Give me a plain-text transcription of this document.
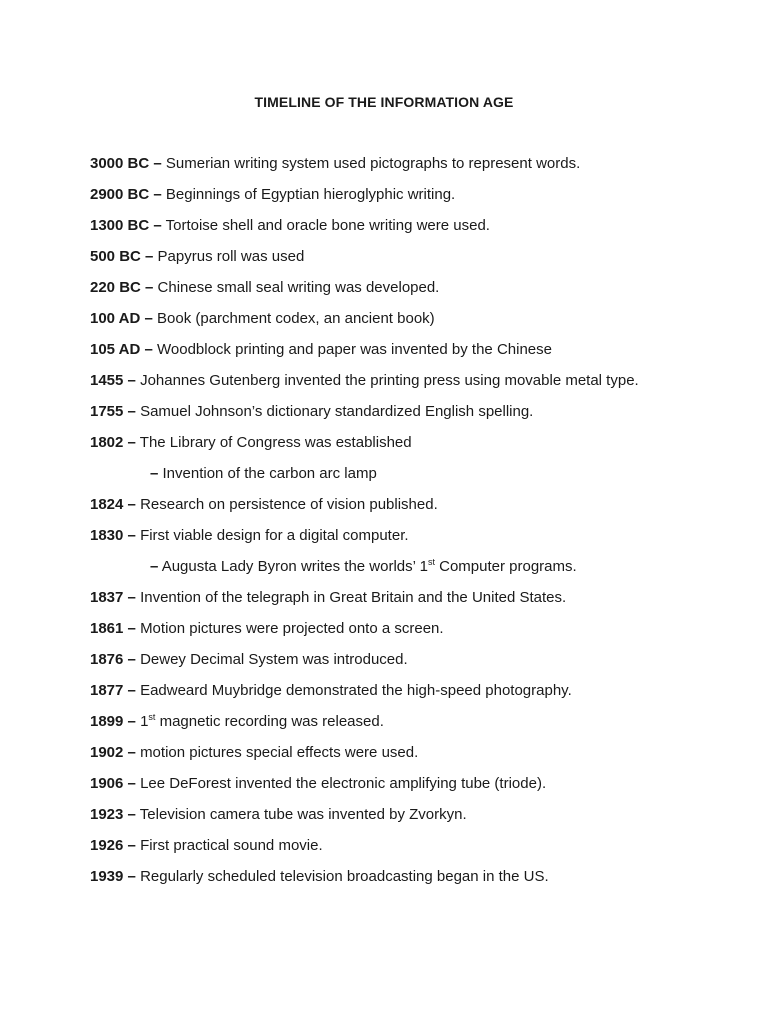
TIMELINE OF THE INFORMATION AGE
3000 BC – Sumerian writing system used pictographs to represent words.
2900 BC – Beginnings of Egyptian hieroglyphic writing.
1300 BC – Tortoise shell and oracle bone writing were used.
500 BC – Papyrus roll was used
220 BC – Chinese small seal writing was developed.
100 AD – Book (parchment codex, an ancient book)
105 AD – Woodblock printing and paper was invented by the Chinese
1455 – Johannes Gutenberg invented the printing press using movable metal type.
1755 – Samuel Johnson’s dictionary standardized English spelling.
1802 – The Library of Congress was established
– Invention of the carbon arc lamp
1824 – Research on persistence of vision published.
1830 – First viable design for a digital computer.
– Augusta Lady Byron writes the worlds’ 1st Computer programs.
1837 – Invention of the telegraph in Great Britain and the United States.
1861 – Motion pictures were projected onto a screen.
1876 – Dewey Decimal System was introduced.
1877 – Eadweard Muybridge demonstrated the high-speed photography.
1899 – 1st magnetic recording was released.
1902 – motion pictures special effects were used.
1906 – Lee DeForest invented the electronic amplifying tube (triode).
1923 – Television camera tube was invented by Zvorkyn.
1926 – First practical sound movie.
1939 – Regularly scheduled television broadcasting began in the US.
